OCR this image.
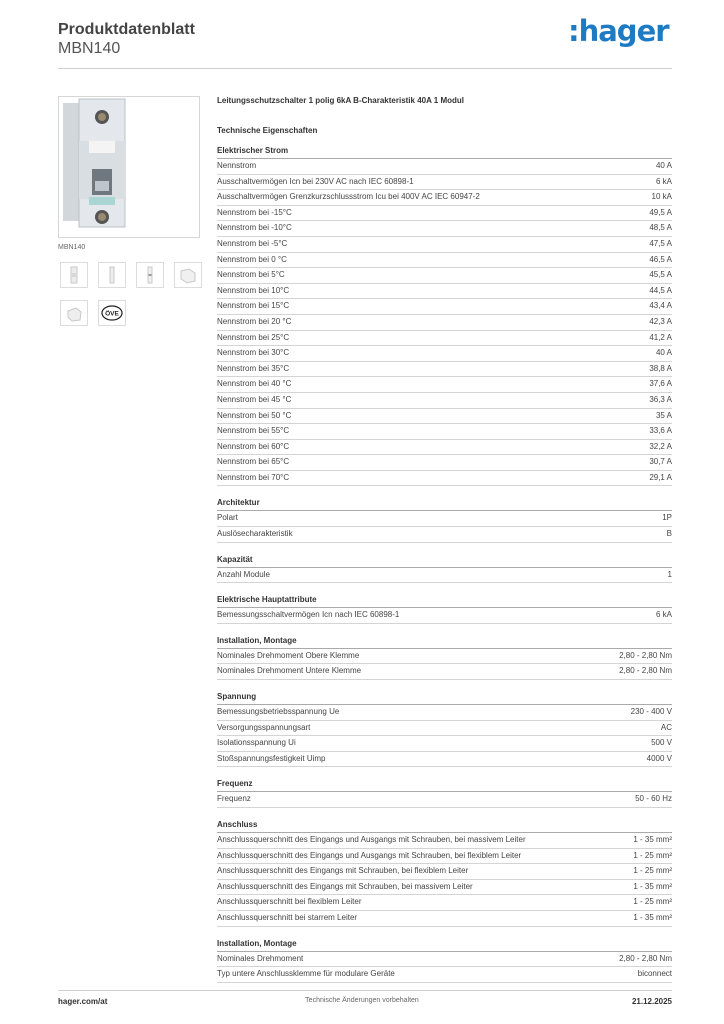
Produktdatenblatt
MBN140
:hager
MBN140
ÖVE
Leitungsschutzschalter 1 polig 6kA B-Charakteristik 40A 1 Modul
Technische Eigenschaften
Elektrischer Strom
Nennstrom	40 A
Ausschaltvermögen Icn bei 230V AC nach IEC 60898-1	6 kA
Ausschaltvermögen Grenzkurzschlussstrom Icu bei 400V AC IEC 60947-2	10 kA
Nennstrom bei -15°C	49,5 A
Nennstrom bei -10°C	48,5 A
Nennstrom bei -5°C	47,5 A
Nennstrom bei 0 °C	46,5 A
Nennstrom bei 5°C	45,5 A
Nennstrom bei 10°C	44,5 A
Nennstrom bei 15°C	43,4 A
Nennstrom bei 20 °C	42,3 A
Nennstrom bei 25°C	41,2 A
Nennstrom bei 30°C	40 A
Nennstrom bei 35°C	38,8 A
Nennstrom bei 40 °C	37,6 A
Nennstrom bei 45 °C	36,3 A
Nennstrom bei 50 °C	35 A
Nennstrom bei 55°C	33,6 A
Nennstrom bei 60°C	32,2 A
Nennstrom bei 65°C	30,7 A
Nennstrom bei 70°C	29,1 A
Architektur
Polart	1P
Auslösecharakteristik	B
Kapazität
Anzahl Module	1
Elektrische Hauptattribute
Bemessungsschaltvermögen Icn nach IEC 60898-1	6 kA
Installation, Montage
Nominales Drehmoment Obere Klemme	2,80 - 2,80 Nm
Nominales Drehmoment Untere Klemme	2,80 - 2,80 Nm
Spannung
Bemessungsbetriebsspannung Ue	230 - 400 V
Versorgungsspannungsart	AC
Isolationsspannung Ui	500 V
Stoßspannungsfestigkeit Uimp	4000 V
Frequenz
Frequenz	50 - 60 Hz
Anschluss
Anschlussquerschnitt des Eingangs und Ausgangs mit Schrauben, bei massivem Leiter	1 - 35 mm²
Anschlussquerschnitt des Eingangs und Ausgangs mit Schrauben, bei flexiblem Leiter	1 - 25 mm²
Anschlussquerschnitt des Eingangs mit Schrauben, bei flexiblem Leiter	1 - 25 mm²
Anschlussquerschnitt des Eingangs mit Schrauben, bei massivem Leiter	1 - 35 mm²
Anschlussquerschnitt bei flexiblem Leiter	1 - 25 mm²
Anschlussquerschnitt bei starrem Leiter	1 - 35 mm²
Installation, Montage
Nominales Drehmoment	2,80 - 2,80 Nm
Typ untere Anschlussklemme für modulare Geräte	biconnect
hager.com/at	Technische Änderungen vorbehalten	21.12.2025
